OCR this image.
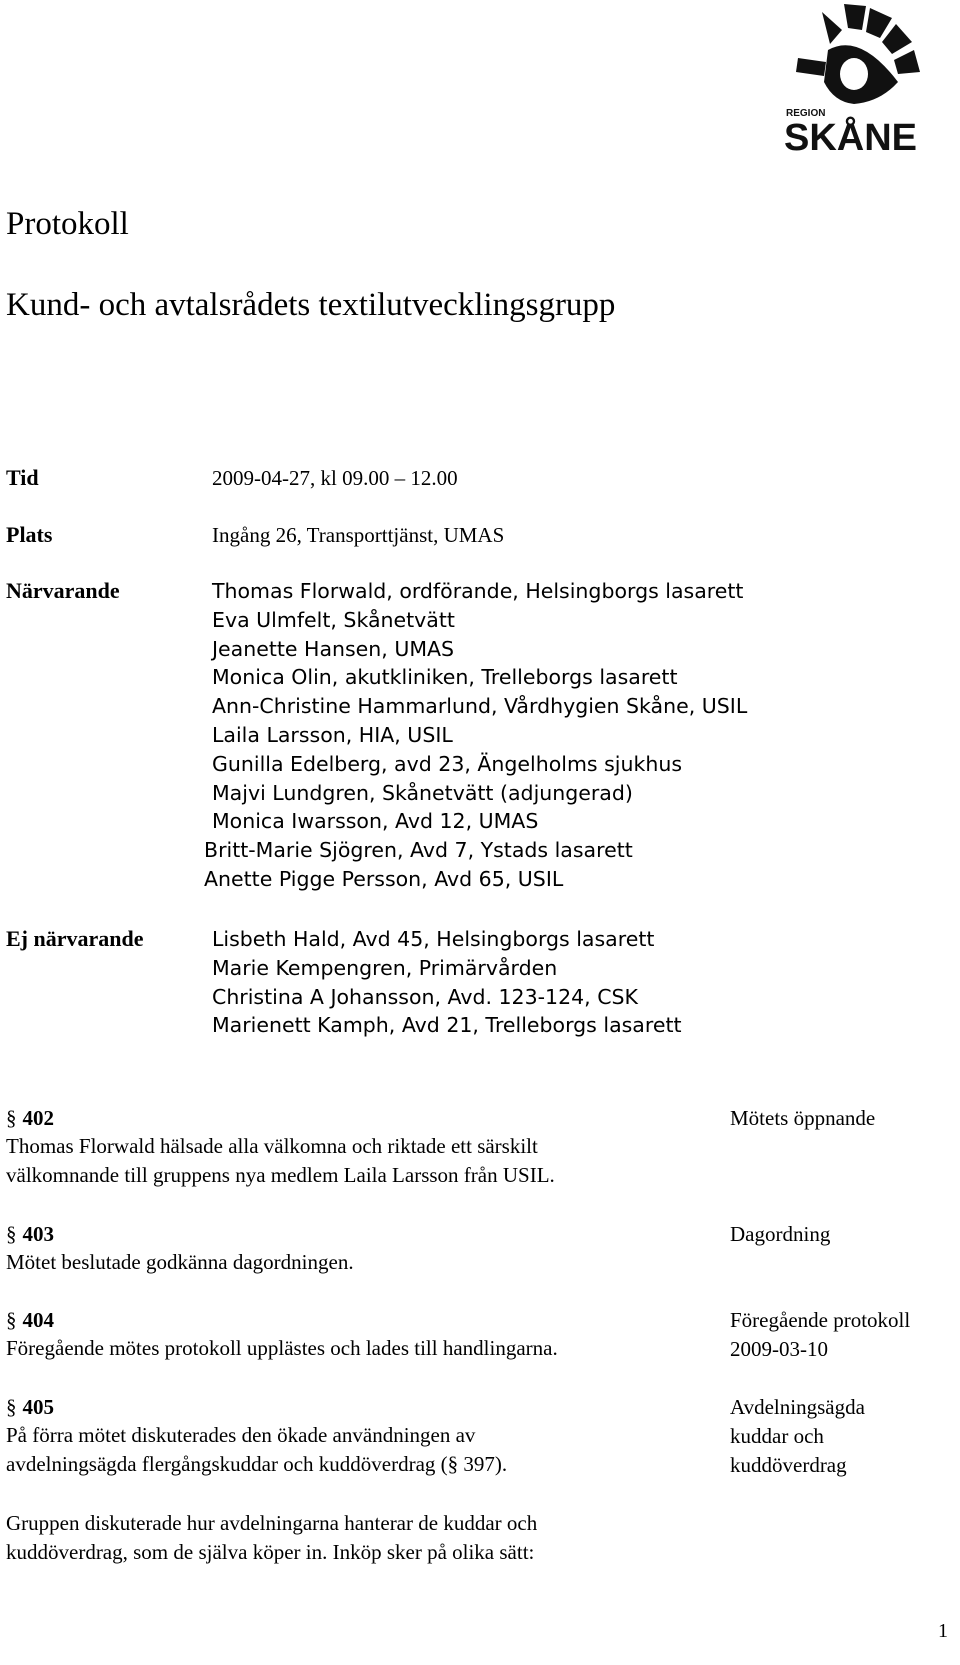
REGION
SKÅNE
Protokoll
Kund- och avtalsrådets textilutvecklingsgrupp
Tid	2009-04-27, kl 09.00 – 12.00
Plats	Ingång 26, Transporttjänst, UMAS
Närvarande	Thomas Florwald, ordförande, Helsingborgs lasarett
Eva Ulmfelt, Skånetvätt
Jeanette Hansen, UMAS
Monica Olin, akutkliniken, Trelleborgs lasarett
Ann-Christine Hammarlund, Vårdhygien Skåne, USIL
Laila Larsson, HIA, USIL
Gunilla Edelberg, avd 23, Ängelholms sjukhus
Majvi Lundgren, Skånetvätt (adjungerad)
Monica Iwarsson, Avd 12, UMAS
Britt-Marie Sjögren, Avd 7, Ystads lasarett
Anette Pigge Persson, Avd 65, USIL
Ej närvarande	Lisbeth Hald, Avd 45, Helsingborgs lasarett
Marie Kempengren, Primärvården
Christina A Johansson, Avd. 123-124, CSK
Marienett Kamph, Avd 21, Trelleborgs lasarett
§ 402	Mötets öppnande
Thomas Florwald hälsade alla välkomna och riktade ett särskilt
välkomnande till gruppens nya medlem Laila Larsson från USIL.
§ 403	Dagordning
Mötet beslutade godkänna dagordningen.
§ 404	Föregående protokoll
2009-03-10
Föregående mötes protokoll upplästes och lades till handlingarna.
§ 405	Avdelningsägda
kuddar och
kuddöverdrag
På förra mötet diskuterades den ökade användningen av
avdelningsägda flergångskuddar och kuddöverdrag (§ 397).
Gruppen diskuterade hur avdelningarna hanterar de kuddar och
kuddöverdrag, som de själva köper in. Inköp sker på olika sätt:
1
